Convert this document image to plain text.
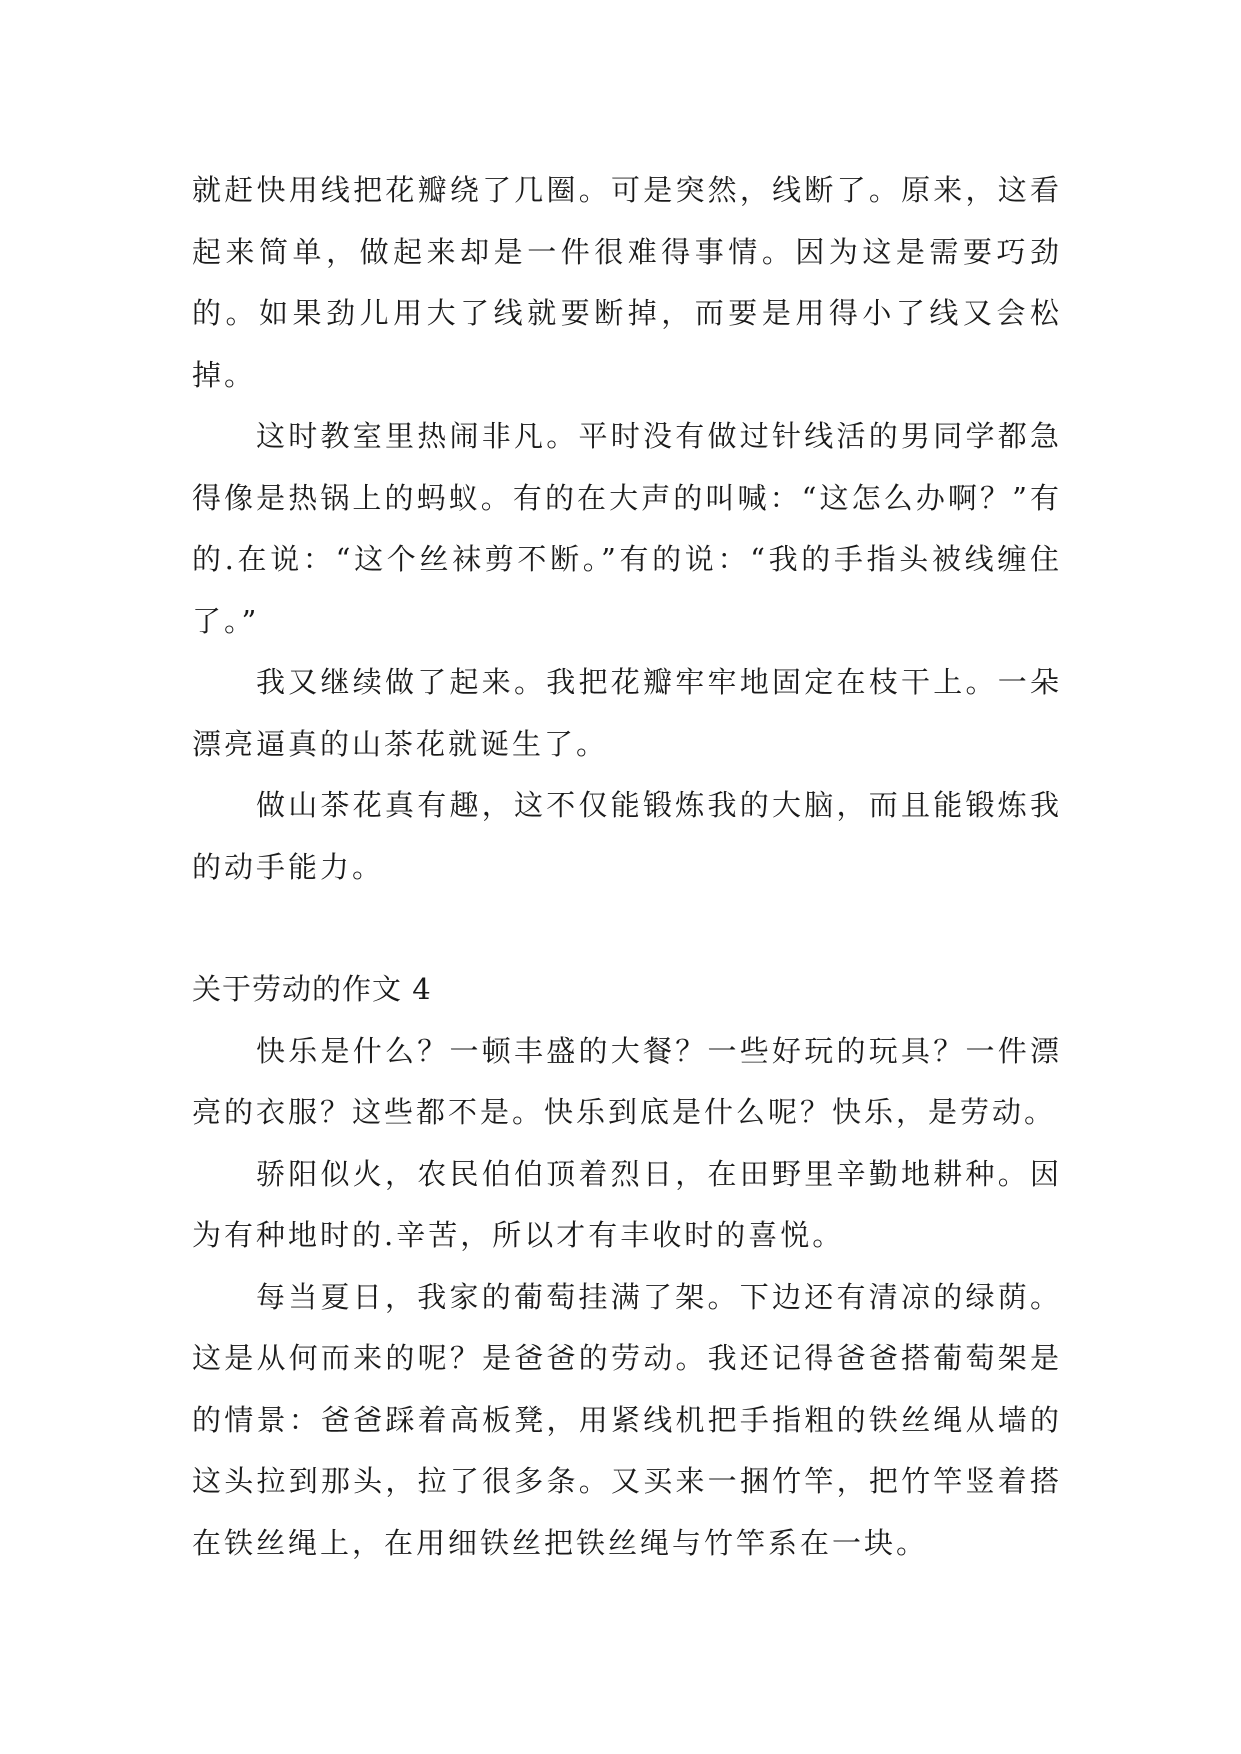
就赶快用线把花瓣绕了几圈。可是突然，线断了。原来，这看起来简单，做起来却是一件很难得事情。因为这是需要巧劲的。如果劲儿用大了线就要断掉，而要是用得小了线又会松掉。

这时教室里热闹非凡。平时没有做过针线活的男同学都急得像是热锅上的蚂蚁。有的在大声的叫喊：“这怎么办啊？”有的.在说：“这个丝袜剪不断。”有的说：“我的手指头被线缠住了。”

我又继续做了起来。我把花瓣牢牢地固定在枝干上。一朵漂亮逼真的山茶花就诞生了。

做山茶花真有趣，这不仅能锻炼我的大脑，而且能锻炼我的动手能力。

关于劳动的作文 4

快乐是什么？一顿丰盛的大餐？一些好玩的玩具？一件漂亮的衣服？这些都不是。快乐到底是什么呢？快乐，是劳动。

骄阳似火，农民伯伯顶着烈日，在田野里辛勤地耕种。因为有种地时的.辛苦，所以才有丰收时的喜悦。

每当夏日，我家的葡萄挂满了架。下边还有清凉的绿荫。这是从何而来的呢？是爸爸的劳动。我还记得爸爸搭葡萄架是的情景：爸爸踩着高板凳，用紧线机把手指粗的铁丝绳从墙的这头拉到那头，拉了很多条。又买来一捆竹竿，把竹竿竖着搭在铁丝绳上，在用细铁丝把铁丝绳与竹竿系在一块。
